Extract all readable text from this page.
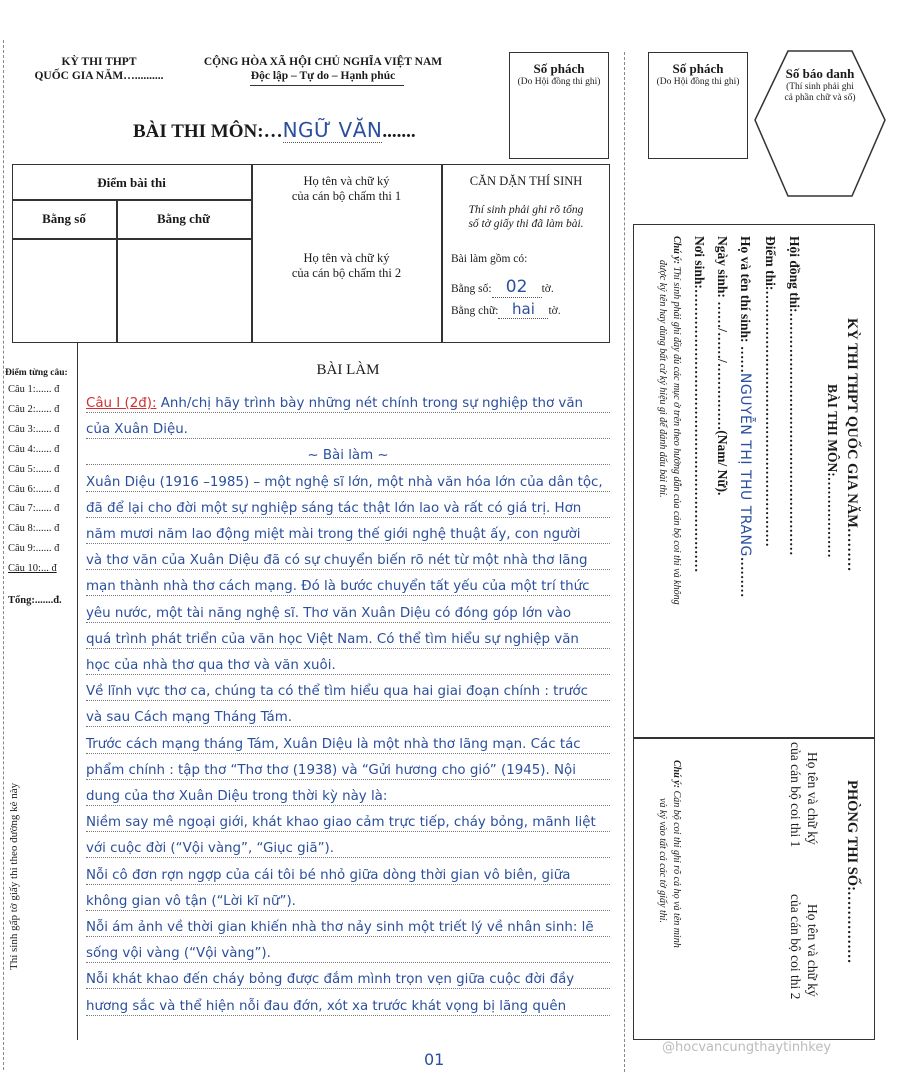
KỲ THI THPT
QUỐC GIA NĂM…..........
CỘNG HÒA XÃ HỘI CHỦ NGHĨA VIỆT NAM
Độc lập – Tự do – Hạnh phúc
BÀI THI MÔN:…NGỮ VĂN.......
Số phách
(Do Hội đồng thi ghi)
Số phách
(Do Hội đồng thi ghi)
Số báo danh
(Thí sinh phải ghi
cả phần chữ và số)
Điểm bài thi
Bằng số	Bằng chữ
Họ tên và chữ ký
của cán bộ chấm thi 1
Họ tên và chữ ký
của cán bộ chấm thi 2
CĂN DẶN THÍ SINH
Thí sinh phải ghi rõ tổng
số tờ giấy thi đã làm bài.
Bài làm gồm có:
Bằng số: 02 tờ.
Bằng chữ: hai tờ.
Điểm từng câu:
Câu 1:...... đ
Câu 2:...... đ
Câu 3:...... đ
Câu 4:...... đ
Câu 5:...... đ
Câu 6:...... đ
Câu 7:...... đ
Câu 8:...... đ
Câu 9:...... đ
Câu 10:... đ
Tổng:.......đ.
Thí sinh gấp tờ giấy thi theo đường kẻ này
BÀI LÀM
Câu I (2đ): Anh/chị hãy trình bày những nét chính trong sự nghiệp thơ văn
của Xuân Diệu.
~ Bài làm ~
Xuân Diệu (1916 –1985) – một nghệ sĩ lớn, một nhà văn hóa lớn của dân tộc,
đã để lại cho đời một sự nghiệp sáng tác thật lớn lao và rất có giá trị. Hơn
năm mươi năm lao động miệt mài trong thế giới nghệ thuật ấy, con người
và thơ văn của Xuân Diệu đã có sự chuyển biến rõ nét từ một nhà thơ lãng
mạn thành nhà thơ cách mạng. Đó là bước chuyển tất yếu của một trí thức
yêu nước, một tài năng nghệ sĩ. Thơ văn Xuân Diệu có đóng góp lớn vào
quá trình phát triển của văn học Việt Nam. Có thể tìm hiểu sự nghiệp văn
học của nhà thơ qua thơ và văn xuôi.
Về lĩnh vực thơ ca, chúng ta có thể tìm hiểu qua hai giai đoạn chính : trước
và sau Cách mạng Tháng Tám.
Trước cách mạng tháng Tám, Xuân Diệu là một nhà thơ lãng mạn. Các tác
phẩm chính : tập thơ “Thơ thơ (1938) và “Gửi hương cho gió” (1945). Nội
dung của thơ Xuân Diệu trong thời kỳ này là:
Niềm say mê ngoại giới, khát khao giao cảm trực tiếp, cháy bỏng, mãnh liệt
với cuộc đời (“Vội vàng”, “Giục giã”).
Nỗi cô đơn rợn ngợp của cái tôi bé nhỏ giữa dòng thời gian vô biên, giữa
không gian vô tận (“Lời kĩ nữ”).
Nỗi ám ảnh về thời gian khiến nhà thơ nảy sinh một triết lý về nhân sinh: lẽ
sống vội vàng (“Vội vàng”).
Nỗi khát khao đến cháy bỏng được đắm mình trọn vẹn giữa cuộc đời đầy
hương sắc và thể hiện nỗi đau đớn, xót xa trước khát vọng bị lãng quên
01
@hocvancungthaytinhkey
KỲ THI THPT QUỐC GIA NĂM………
BÀI THI MÔN:………………
Hội đồng thi:………………………………………………
Điểm thi:…………………………………………………
Họ và tên thí sinh: ……NGUYỄN THỊ THU TRANG………
Ngày sinh: ……/……/……………(Nam/ Nữ).
Nơi sinh:………………………………………………………
Chú ý: Thí sinh phải ghi đầy đủ các mục ở trên theo hướng dẫn của cán bộ coi thi và không
được ký tên hay dùng bất cứ ký hiệu gì để đánh dấu bài thi.
PHÒNG THI SỐ:……………
Họ tên và chữ ký
của cán bộ coi thi 1
Họ tên và chữ ký
của cán bộ coi thi 2
Chú ý: Cán bộ coi thi ghi rõ cả họ và tên mình
và ký vào tất cả các tờ giấy thi.
